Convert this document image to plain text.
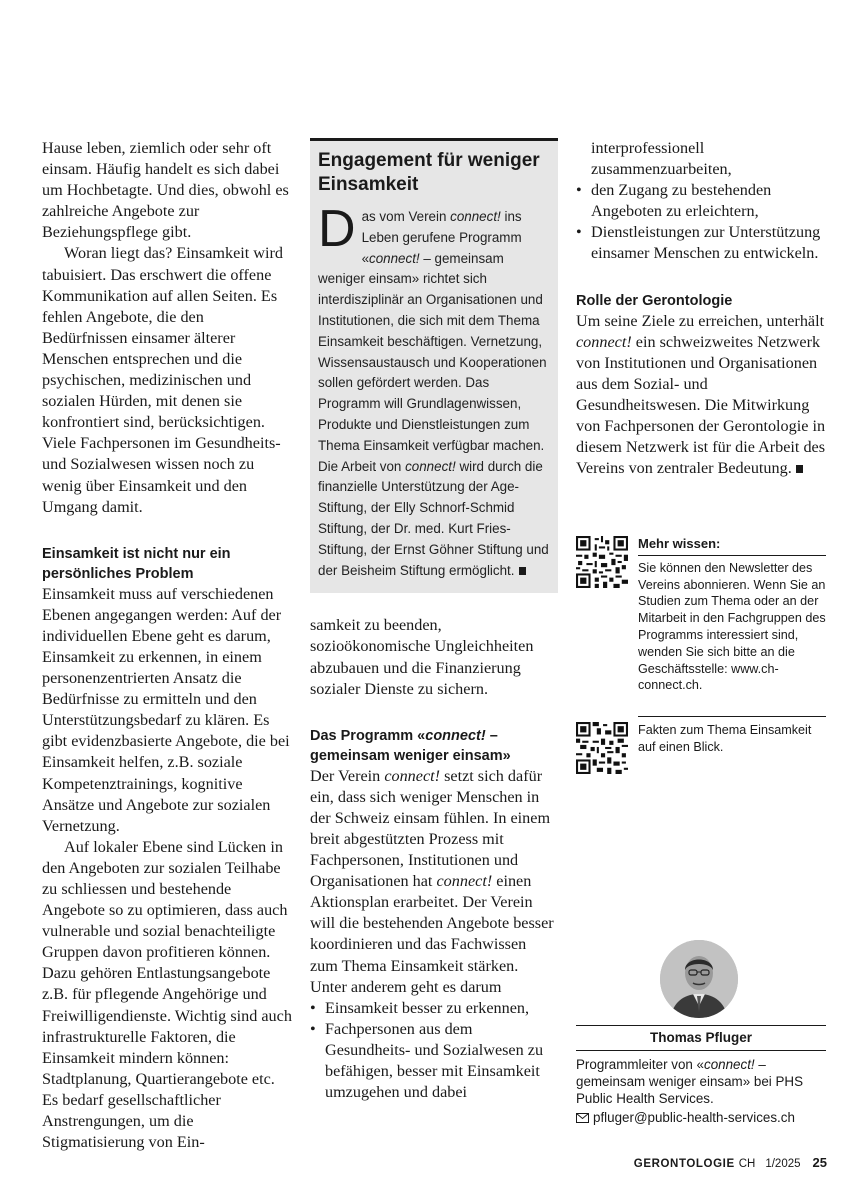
Hause leben, ziemlich oder sehr oft einsam. Häufig handelt es sich dabei um Hochbetagte. Und dies, obwohl es zahlreiche Angebote zur Beziehungspflege gibt.

Woran liegt das? Einsamkeit wird tabuisiert. Das erschwert die offene Kommunikation auf allen Seiten. Es fehlen Angebote, die den Bedürfnissen einsamer älterer Menschen entsprechen und die psychischen, medizinischen und sozialen Hürden, mit denen sie konfrontiert sind, berücksichtigen. Viele Fachpersonen im Gesundheits- und Sozialwesen wissen noch zu wenig über Einsamkeit und den Umgang damit.

Einsamkeit ist nicht nur ein persönliches Problem

Einsamkeit muss auf verschiedenen Ebenen angegangen werden: Auf der individuellen Ebene geht es darum, Einsamkeit zu erkennen, in einem personenzentrierten Ansatz die Bedürfnisse zu ermitteln und den Unterstützungsbedarf zu klären. Es gibt evidenzbasierte Angebote, die bei Einsamkeit helfen, z.B. soziale Kompetenztrainings, kognitive Ansätze und Angebote zur sozialen Vernetzung.

Auf lokaler Ebene sind Lücken in den Angeboten zur sozialen Teilhabe zu schliessen und bestehende Angebote so zu optimieren, dass auch vulnerable und sozial benachteiligte Gruppen davon profitieren können. Dazu gehören Entlastungsangebote z.B. für pflegende Angehörige und Freiwilligendienste. Wichtig sind auch infrastrukturelle Faktoren, die Einsamkeit mindern können: Stadtplanung, Quartierangebote etc. Es bedarf gesellschaftlicher Anstrengungen, um die Stigmatisierung von Ein-

Engagement für weniger Einsamkeit

Das vom Verein connect! ins Leben gerufene Programm «connect! – gemeinsam weniger einsam» richtet sich interdisziplinär an Organisationen und Institutionen, die sich mit dem Thema Einsamkeit beschäftigen. Vernetzung, Wissensaustausch und Kooperationen sollen gefördert werden. Das Programm will Grundlagenwissen, Produkte und Dienstleistungen zum Thema Einsamkeit verfügbar machen. Die Arbeit von connect! wird durch die finanzielle Unterstützung der Age-Stiftung, der Elly Schnorf-Schmid Stiftung, der Dr. med. Kurt Fries-Stiftung, der Ernst Göhner Stiftung und der Beisheim Stiftung ermöglicht.

samkeit zu beenden, sozioökonomische Ungleichheiten abzubauen und die Finanzierung sozialer Dienste zu sichern.

Das Programm «connect! – gemeinsam weniger einsam»

Der Verein connect! setzt sich dafür ein, dass sich weniger Menschen in der Schweiz einsam fühlen. In einem breit abgestützten Prozess mit Fachpersonen, Institutionen und Organisationen hat connect! einen Aktionsplan erarbeitet. Der Verein will die bestehenden Angebote besser koordinieren und das Fachwissen zum Thema Einsamkeit stärken. Unter anderem geht es darum

• Einsamkeit besser zu erkennen,
• Fachpersonen aus dem Gesundheits- und Sozialwesen zu befähigen, besser mit Einsamkeit umzugehen und dabei
interprofessionell zusammenzuarbeiten,
• den Zugang zu bestehenden Angeboten zu erleichtern,
• Dienstleistungen zur Unterstützung einsamer Menschen zu entwickeln.

Rolle der Gerontologie

Um seine Ziele zu erreichen, unterhält connect! ein schweizweites Netzwerk von Institutionen und Organisationen aus dem Sozial- und Gesundheitswesen. Die Mitwirkung von Fachpersonen der Gerontologie in diesem Netzwerk ist für die Arbeit des Vereins von zentraler Bedeutung.

Mehr wissen:
Sie können den Newsletter des Vereins abonnieren. Wenn Sie an Studien zum Thema oder an der Mitarbeit in den Fachgruppen des Programms interessiert sind, wenden Sie sich bitte an die Geschäftsstelle: www.ch-connect.ch.
Fakten zum Thema Einsamkeit auf einen Blick.
Thomas Pfluger
Programmleiter von «connect! – gemeinsam weniger einsam» bei PHS Public Health Services.
pfluger@public-health-services.ch
GERONTOLOGIE CH 1/2025 25
